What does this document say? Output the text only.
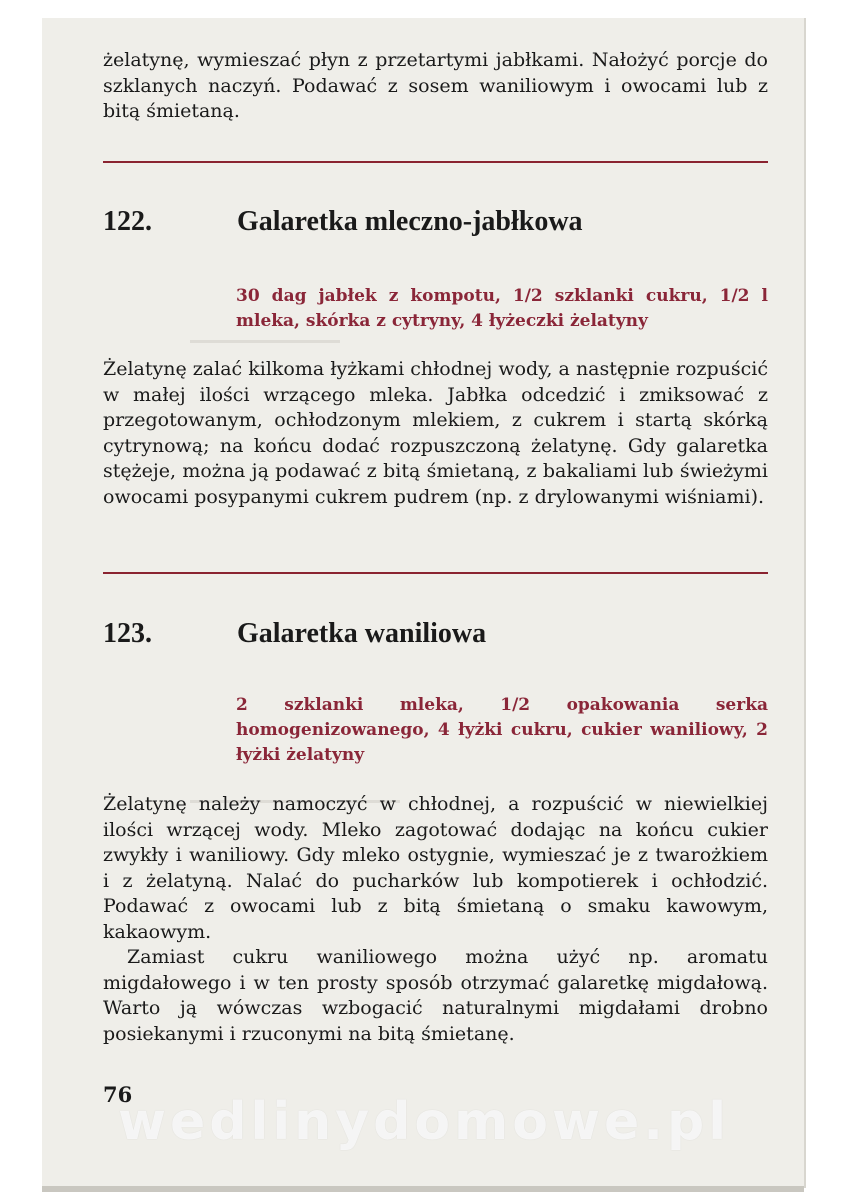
żelatynę, wymieszać płyn z przetartymi jabłkami. Nałożyć porcje do szklanych naczyń. Podawać z sosem waniliowym i owocami lub z bitą śmietaną.

122.	Galaretka mleczno-jabłkowa
30 dag jabłek z kompotu, 1/2 szklanki cukru, 1/2 l mleka, skórka z cytryny, 4 łyżeczki żelatyny

Żelatynę zalać kilkoma łyżkami chłodnej wody, a następnie rozpuścić w małej ilości wrzącego mleka. Jabłka odcedzić i zmiksować z przegotowanym, ochłodzonym mlekiem, z cukrem i startą skórką cytrynową; na końcu dodać rozpuszczoną żelatynę. Gdy galaretka stężeje, można ją podawać z bitą śmietaną, z bakaliami lub świeżymi owocami posypanymi cukrem pudrem (np. z drylowanymi wiśniami).

123.	Galaretka waniliowa
2 szklanki mleka, 1/2 opakowania serka homogenizowanego, 4 łyżki cukru, cukier waniliowy, 2 łyżki żelatyny

Żelatynę należy namoczyć w chłodnej, a rozpuścić w niewielkiej ilości wrzącej wody. Mleko zagotować dodając na końcu cukier zwykły i waniliowy. Gdy mleko ostygnie, wymieszać je z twarożkiem i z żelatyną. Nalać do pucharków lub kompotierek i ochłodzić. Podawać z owocami lub z bitą śmietaną o smaku kawowym, kakaowym.

Zamiast cukru waniliowego można użyć np. aromatu migdałowego i w ten prosty sposób otrzymać galaretkę migdałową. Warto ją wówczas wzbogacić naturalnymi migdałami drobno posiekanymi i rzuconymi na bitą śmietanę.

76
wedlinydomowe.pl
